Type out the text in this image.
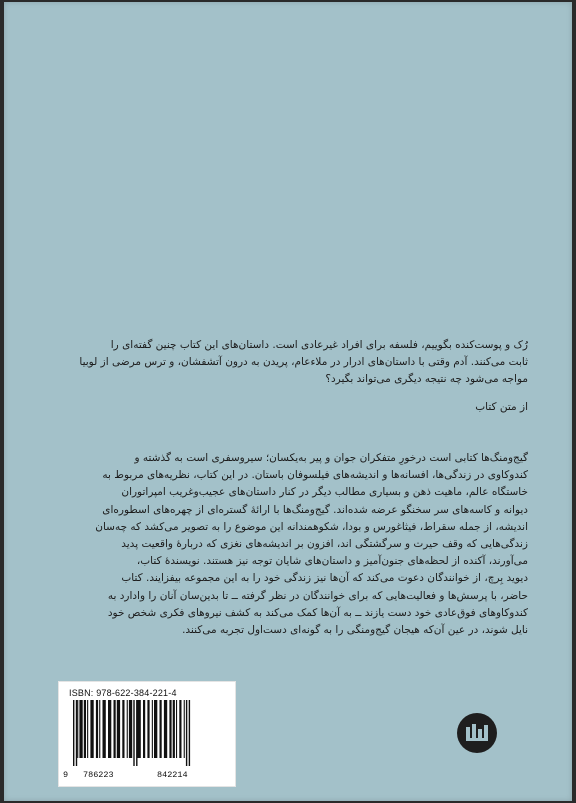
رُک و پوست‌کنده بگوییم، فلسفه برای افراد غیرعادی است. داستان‌های این کتاب چنین گفته‌ای را

ثابت می‌کنند. آدم وقتی با داستان‌های ادرار در ملاءعام، پریدن به درون آتشفشان، و ترس مرضی از لوبیا

مواجه می‌شود چه نتیجه دیگری می‌تواند بگیرد؟

از متن کتاب

گیج‌ومنگ‌ها کتابی است درخورِ متفکران جوان و پیر به‌یکسان؛ سیروسفری است به گذشته و

کندوکاوی در زندگی‌ها، افسانه‌ها و اندیشه‌های فیلسوفان باستان. در این کتاب، نظریه‌های مربوط به

خاستگاه عالم، ماهیت ذهن و بسیاری مطالب دیگر در کنار داستان‌های عجیب‌وغریب امپراتوران

دیوانه و کاسه‌های سر سخنگو عرضه شده‌اند. گیج‌ومنگ‌ها با ارائهٔ گستره‌ای از چهره‌های اسطوره‌ای

اندیشه، از جمله سقراط، فیثاغورس و بودا، شکوهمندانه این موضوع را به تصویر می‌کشد که چه‌سان

زندگی‌هایی که وقف حیرت و سرگشتگی اند، افزون بر اندیشه‌های نغزی که دربارهٔ واقعیت پدید

می‌آورند، آکنده از لحظه‌های جنون‌آمیز و داستان‌های شایان توجه نیز هستند. نویسندهٔ کتاب،

دیوید بِرچ، از خوانندگان دعوت می‌کند که آن‌ها نیز زندگی خود را به این مجموعه بیفزایند. کتاب

حاضر، با پرسش‌ها و فعالیت‌هایی که برای خوانندگان در نظر گرفته ــ تا بدین‌سان آنان را وادارد به

کندوکاوهای فوق‌عادی خود دست یازند ــ به آن‌ها کمک می‌کند به کشف نیروهای فکری شخص خود

نایل شوند، در عین آن‌که هیجان گیج‌ومنگی را به گونه‌ای دست‌اول تجربه می‌کنند.

ISBN: 978-622-384-221-4
9 786223	842214
